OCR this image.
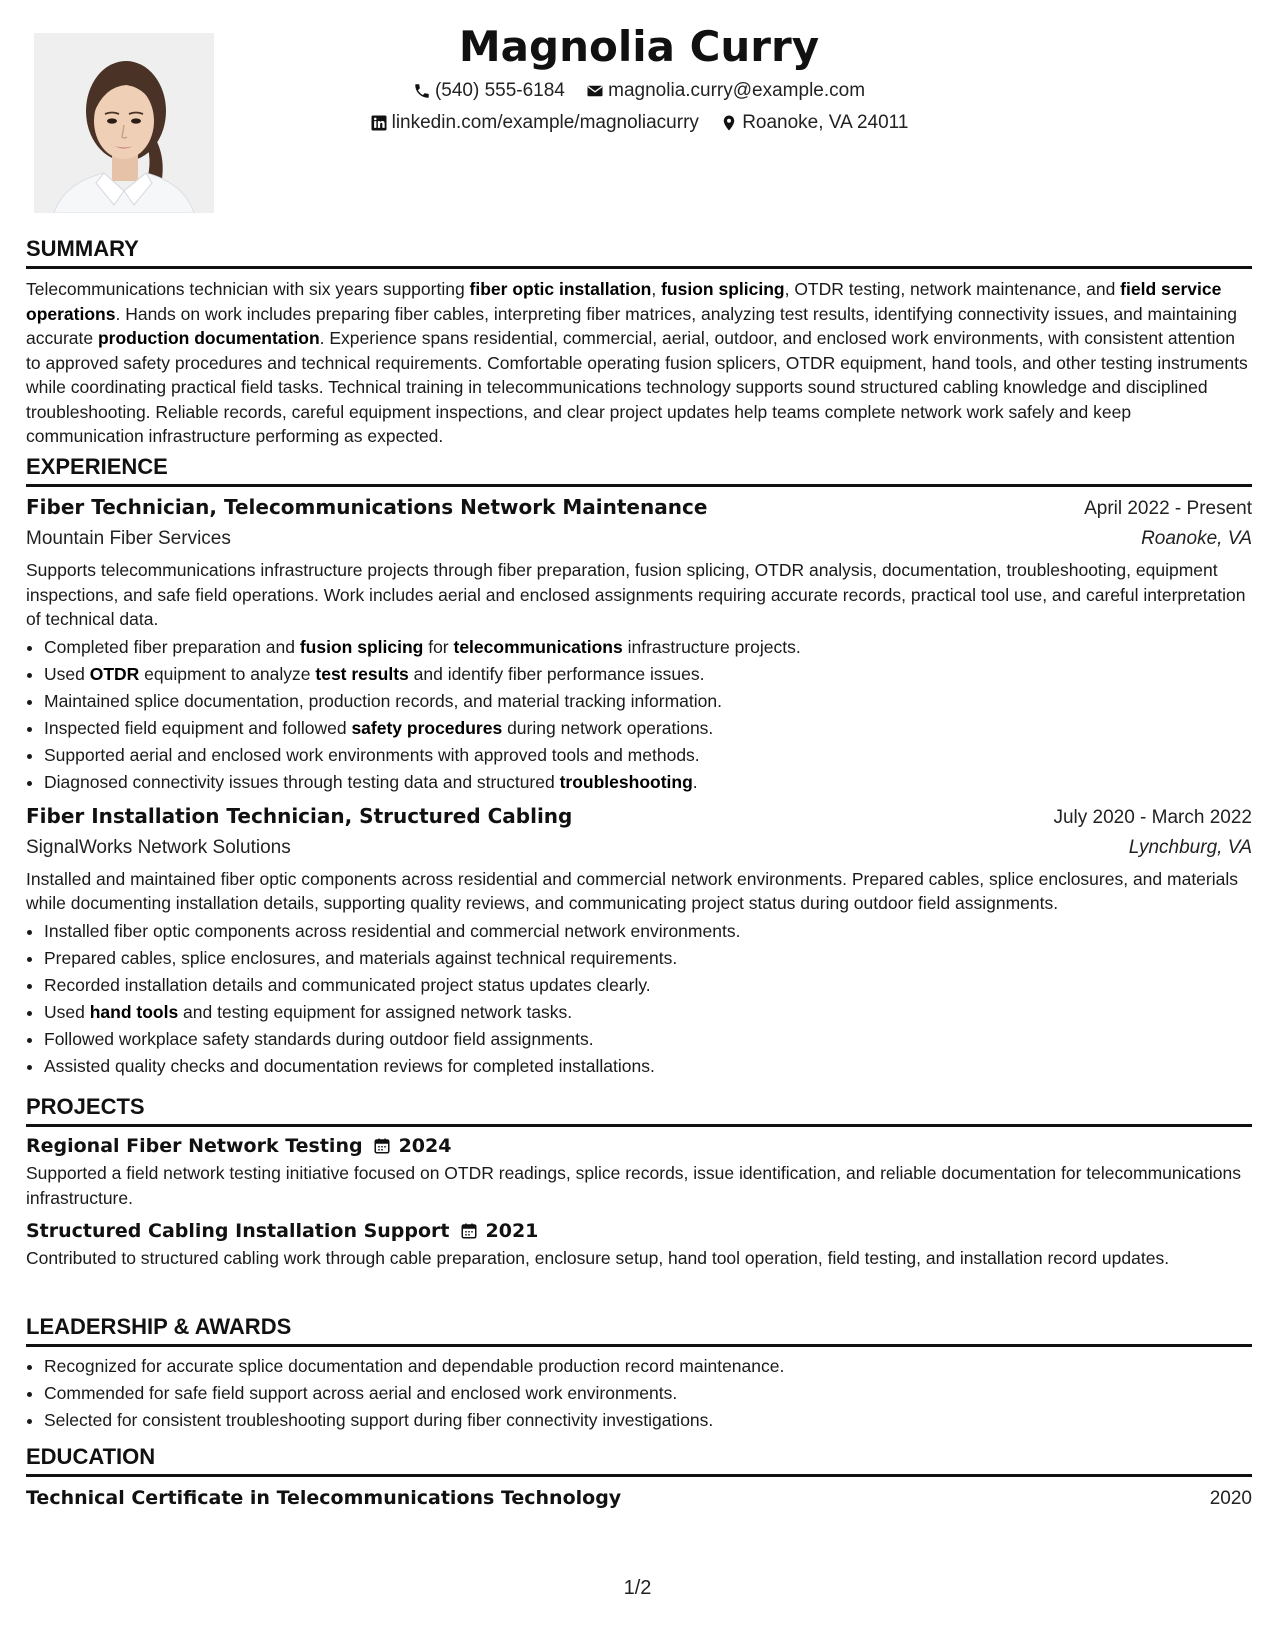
Magnolia Curry
(540) 555-6184
magnolia.curry@example.com
linkedin.com/example/magnoliacurry
Roanoke, VA 24011
SUMMARY

Telecommunications technician with six years supporting fiber optic installation, fusion splicing, OTDR testing, network maintenance, and field service operations. Hands on work includes preparing fiber cables, interpreting fiber matrices, analyzing test results, identifying connectivity issues, and maintaining accurate production documentation. Experience spans residential, commercial, aerial, outdoor, and enclosed work environments, with consistent attention to approved safety procedures and technical requirements. Comfortable operating fusion splicers, OTDR equipment, hand tools, and other testing instruments while coordinating practical field tasks. Technical training in telecommunications technology supports sound structured cabling knowledge and disciplined troubleshooting. Reliable records, careful equipment inspections, and clear project updates help teams complete network work safely and keep communication infrastructure performing as expected.

EXPERIENCE
Fiber Technician, Telecommunications Network Maintenance	April 2022 - Present
Mountain Fiber Services	Roanoke, VA

Supports telecommunications infrastructure projects through fiber preparation, fusion splicing, OTDR analysis, documentation, troubleshooting, equipment inspections, and safe field operations. Work includes aerial and enclosed assignments requiring accurate records, practical tool use, and careful interpretation of technical data.

• Completed fiber preparation and fusion splicing for telecommunications infrastructure projects.
• Used OTDR equipment to analyze test results and identify fiber performance issues.
• Maintained splice documentation, production records, and material tracking information.
• Inspected field equipment and followed safety procedures during network operations.
• Supported aerial and enclosed work environments with approved tools and methods.
• Diagnosed connectivity issues through testing data and structured troubleshooting.
Fiber Installation Technician, Structured Cabling	July 2020 - March 2022
SignalWorks Network Solutions	Lynchburg, VA

Installed and maintained fiber optic components across residential and commercial network environments. Prepared cables, splice enclosures, and materials while documenting installation details, supporting quality reviews, and communicating project status during outdoor field assignments.

• Installed fiber optic components across residential and commercial network environments.
• Prepared cables, splice enclosures, and materials against technical requirements.
• Recorded installation details and communicated project status updates clearly.
• Used hand tools and testing equipment for assigned network tasks.
• Followed workplace safety standards during outdoor field assignments.
• Assisted quality checks and documentation reviews for completed installations.
PROJECTS
Regional Fiber Network Testing 2024

Supported a field network testing initiative focused on OTDR readings, splice records, issue identification, and reliable documentation for telecommunications infrastructure.

Structured Cabling Installation Support 2021

Contributed to structured cabling work through cable preparation, enclosure setup, hand tool operation, field testing, and installation record updates.

LEADERSHIP & AWARDS
• Recognized for accurate splice documentation and dependable production record maintenance.
• Commended for safe field support across aerial and enclosed work environments.
• Selected for consistent troubleshooting support during fiber connectivity investigations.
EDUCATION
Technical Certificate in Telecommunications Technology	2020
1/2
